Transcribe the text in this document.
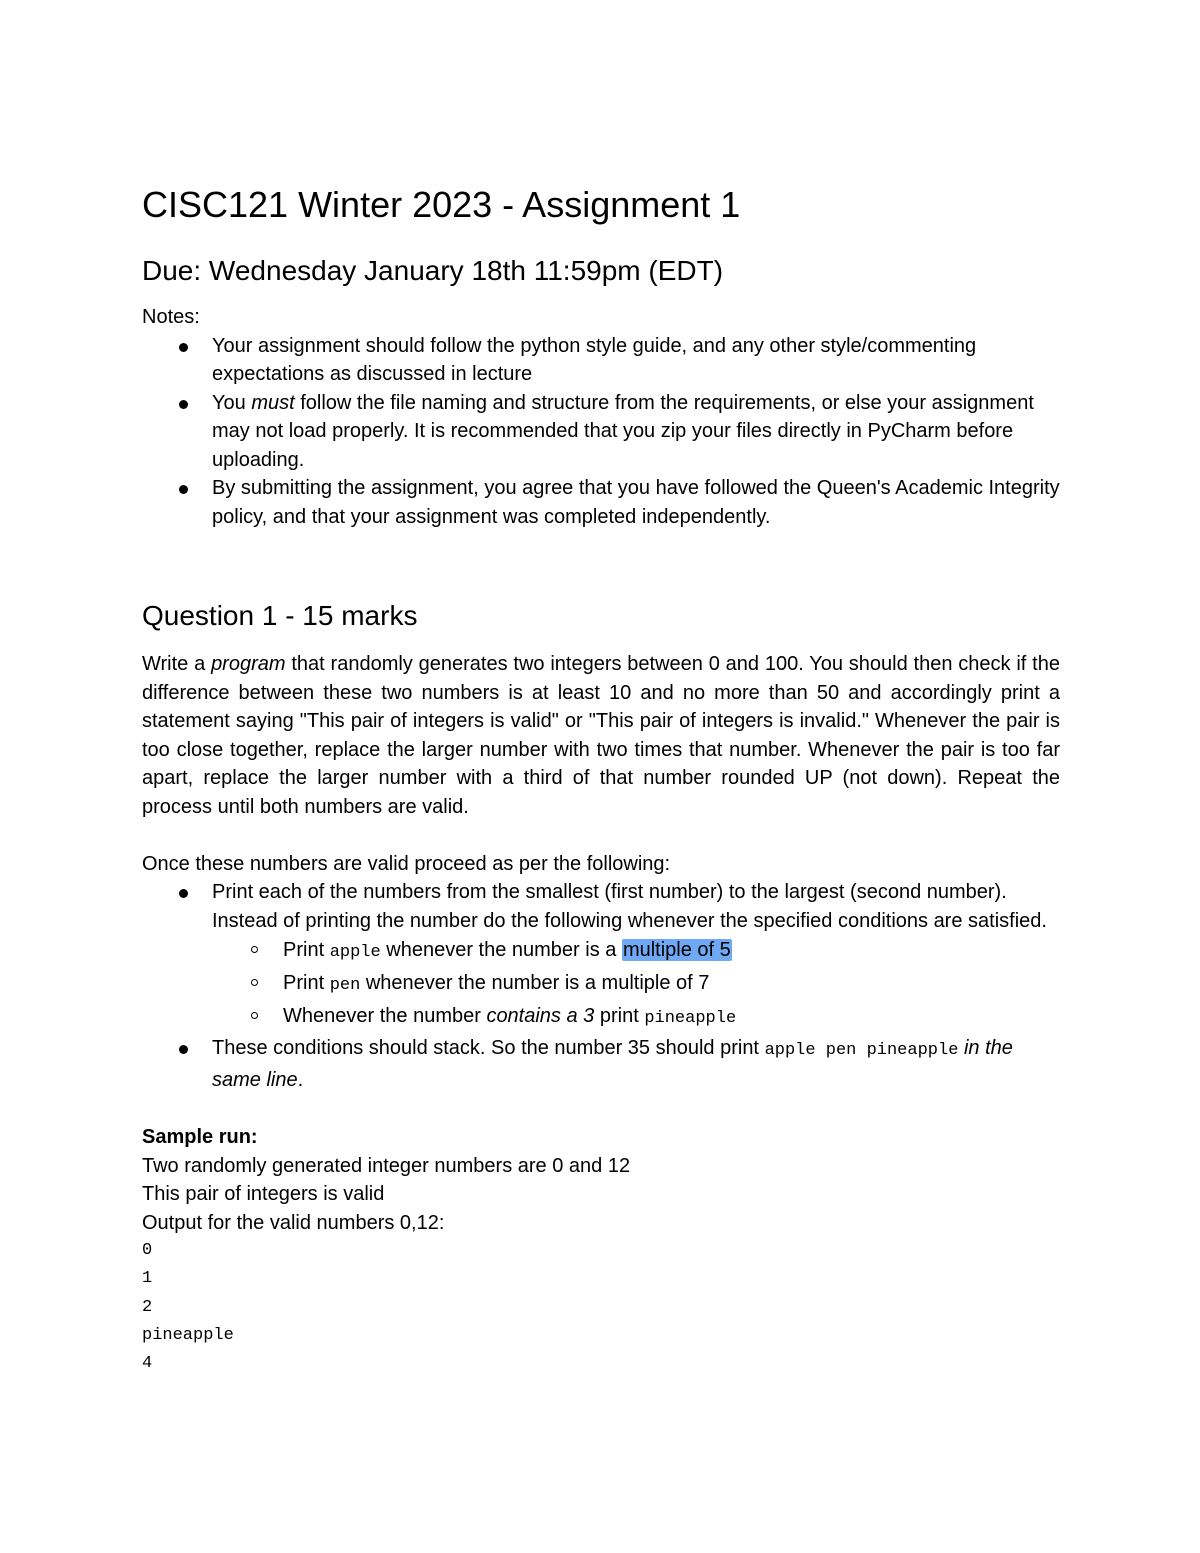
CISC121 Winter 2023 - Assignment 1
Due: Wednesday January 18th 11:59pm (EDT)

Notes:

Your assignment should follow the python style guide, and any other style/commenting expectations as discussed in lecture
You must follow the file naming and structure from the requirements, or else your assignment may not load properly. It is recommended that you zip your files directly in PyCharm before uploading.
By submitting the assignment, you agree that you have followed the Queen's Academic Integrity policy, and that your assignment was completed independently.
Question 1 - 15 marks

Write a program that randomly generates two integers between 0 and 100. You should then check if the difference between these two numbers is at least 10 and no more than 50 and accordingly print a statement saying "This pair of integers is valid" or "This pair of integers is invalid." Whenever the pair is too close together, replace the larger number with two times that number. Whenever the pair is too far apart, replace the larger number with a third of that number rounded UP (not down). Repeat the process until both numbers are valid.

Once these numbers are valid proceed as per the following:

Print each of the numbers from the smallest (first number) to the largest (second number). Instead of printing the number do the following whenever the specified conditions are satisfied.
Print apple whenever the number is a multiple of 5
Print pen whenever the number is a multiple of 7
Whenever the number contains a 3 print pineapple
These conditions should stack. So the number 35 should print apple pen pineapple in the same line.

Sample run:

Two randomly generated integer numbers are 0 and 12

This pair of integers is valid

Output for the valid numbers 0,12:

0

1

2

pineapple

4
